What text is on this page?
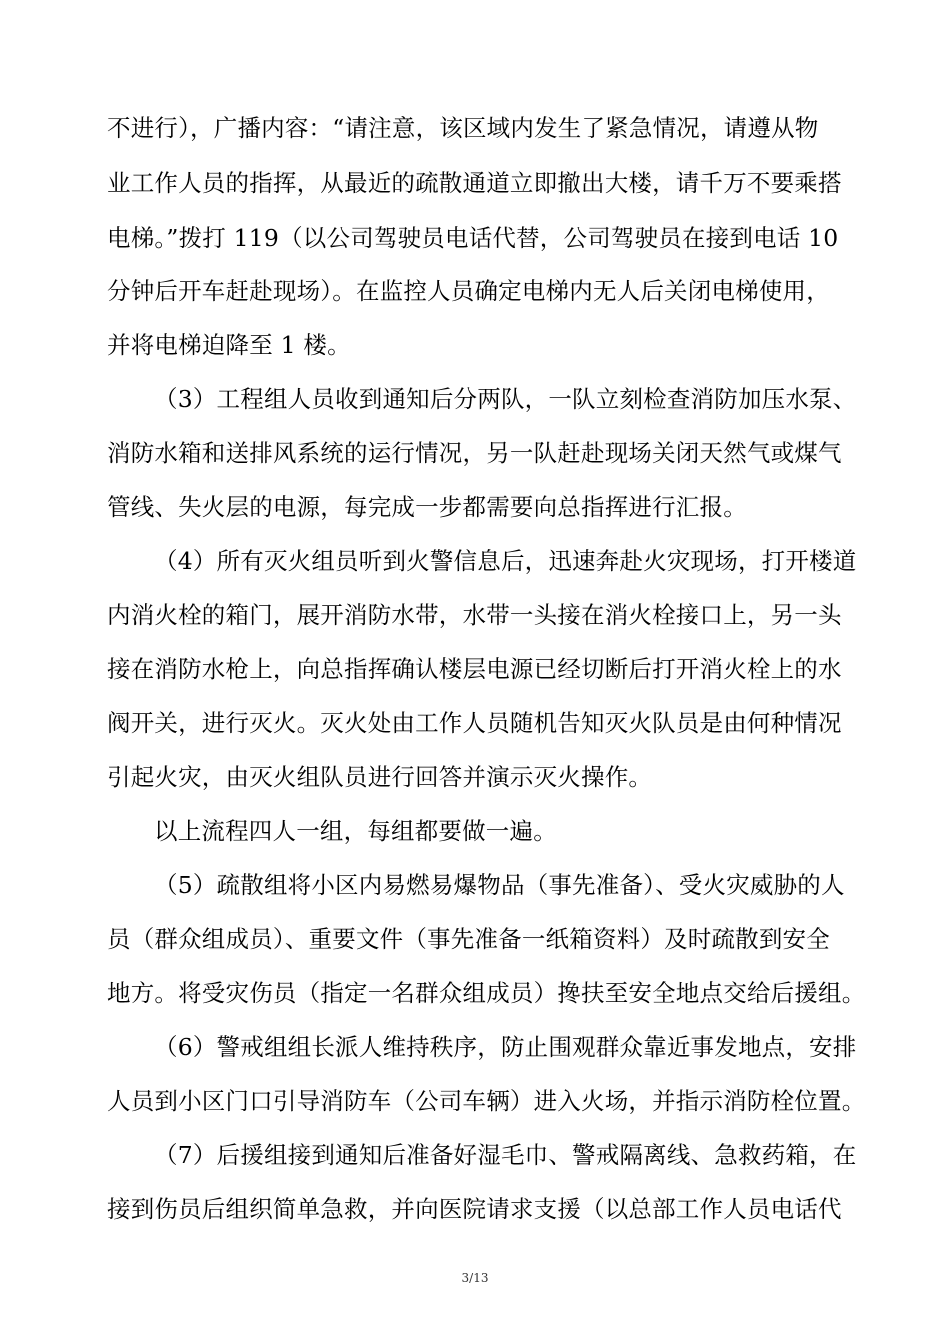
不进行），广播内容：“请注意，该区域内发生了紧急情况，请遵从物
业工作人员的指挥，从最近的疏散通道立即撤出大楼，请千万不要乘搭
电梯。”拨打 119（以公司驾驶员电话代替，公司驾驶员在接到电话 10
分钟后开车赶赴现场）。在监控人员确定电梯内无人后关闭电梯使用，
并将电梯迫降至 1 楼。
（3）工程组人员收到通知后分两队，一队立刻检查消防加压水泵、
消防水箱和送排风系统的运行情况，另一队赶赴现场关闭天然气或煤气
管线、失火层的电源，每完成一步都需要向总指挥进行汇报。
（4）所有灭火组员听到火警信息后，迅速奔赴火灾现场，打开楼道
内消火栓的箱门，展开消防水带，水带一头接在消火栓接口上，另一头
接在消防水枪上，向总指挥确认楼层电源已经切断后打开消火栓上的水
阀开关，进行灭火。灭火处由工作人员随机告知灭火队员是由何种情况
引起火灾，由灭火组队员进行回答并演示灭火操作。
以上流程四人一组，每组都要做一遍。
（5）疏散组将小区内易燃易爆物品（事先准备）、受火灾威胁的人
员（群众组成员）、重要文件（事先准备一纸箱资料）及时疏散到安全
地方。将受灾伤员（指定一名群众组成员）搀扶至安全地点交给后援组。
（6）警戒组组长派人维持秩序，防止围观群众靠近事发地点，安排
人员到小区门口引导消防车（公司车辆）进入火场，并指示消防栓位置。
（7）后援组接到通知后准备好湿毛巾、警戒隔离线、急救药箱，在
接到伤员后组织简单急救，并向医院请求支援（以总部工作人员电话代
3/13
